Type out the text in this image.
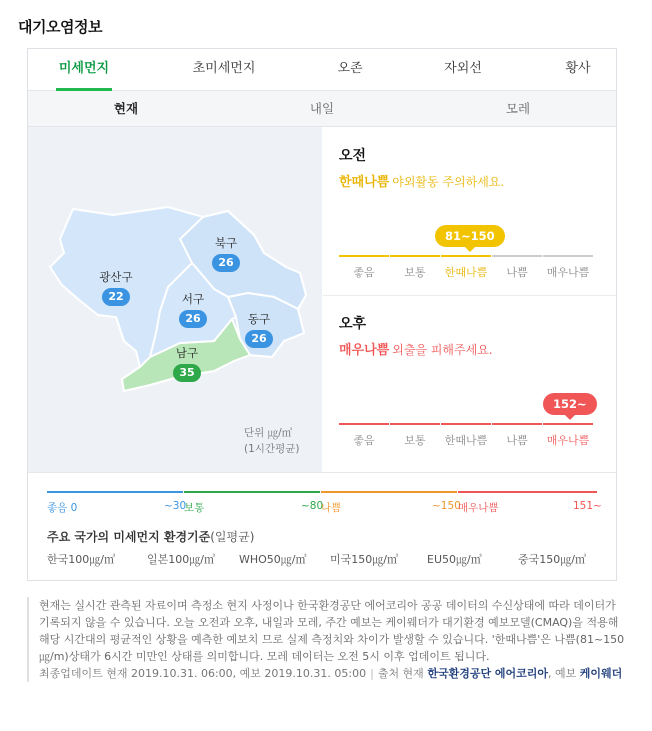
대기오염정보
미세먼지	초미세먼지	오존	자외선	황사
현재	내일	모레
광산구
22
북구
26
서구
26	동구
26
남구
35
단위 ㎍/㎥
(1시간평균)
오전
한때나쁨 야외활동 주의하세요.
81~150
좋음	보통	한때나쁨	나쁨	매우나쁨
오후
매우나쁨 외출을 피해주세요.
152~
좋음	보통	한때나쁨	나쁨	매우나쁨
좋음 0	~30
보통	~80
나쁨	~150
매우나쁨	151~
주요 국가의 미세먼지 환경기준(일평균)
한국100㎍/㎥	일본100㎍/㎥ WHO50㎍/㎥ 미국150㎍/㎥	EU50㎍/㎥	중국150㎍/㎥
현재는 실시간 관측된 자료이며 측정소 현지 사정이나 한국환경공단 에어코리아 공공 데이터의 수신상태에 따라 데이터가 기록되지 않을 수 있습니다. 오늘 오전과 오후, 내일과 모레, 주간 예보는 케이웨더가 대기환경 예보모델(CMAQ)을 적용해 해당 시간대의 평균적인 상황을 예측한 예보치 므로 실제 측정치와 차이가 발생할 수 있습니다. '한때나쁨'은 나쁨(81~150㎍/m)상태가 6시간 미만인 상태를 의미합니다. 모레 데이터는 오전 5시 이후 업데이트 됩니다.
최종업데이트 현재 2019.10.31. 06:00, 예보 2019.10.31. 05:00 | 출처 현재 한국환경공단 에어코리아, 예보 케이웨더
